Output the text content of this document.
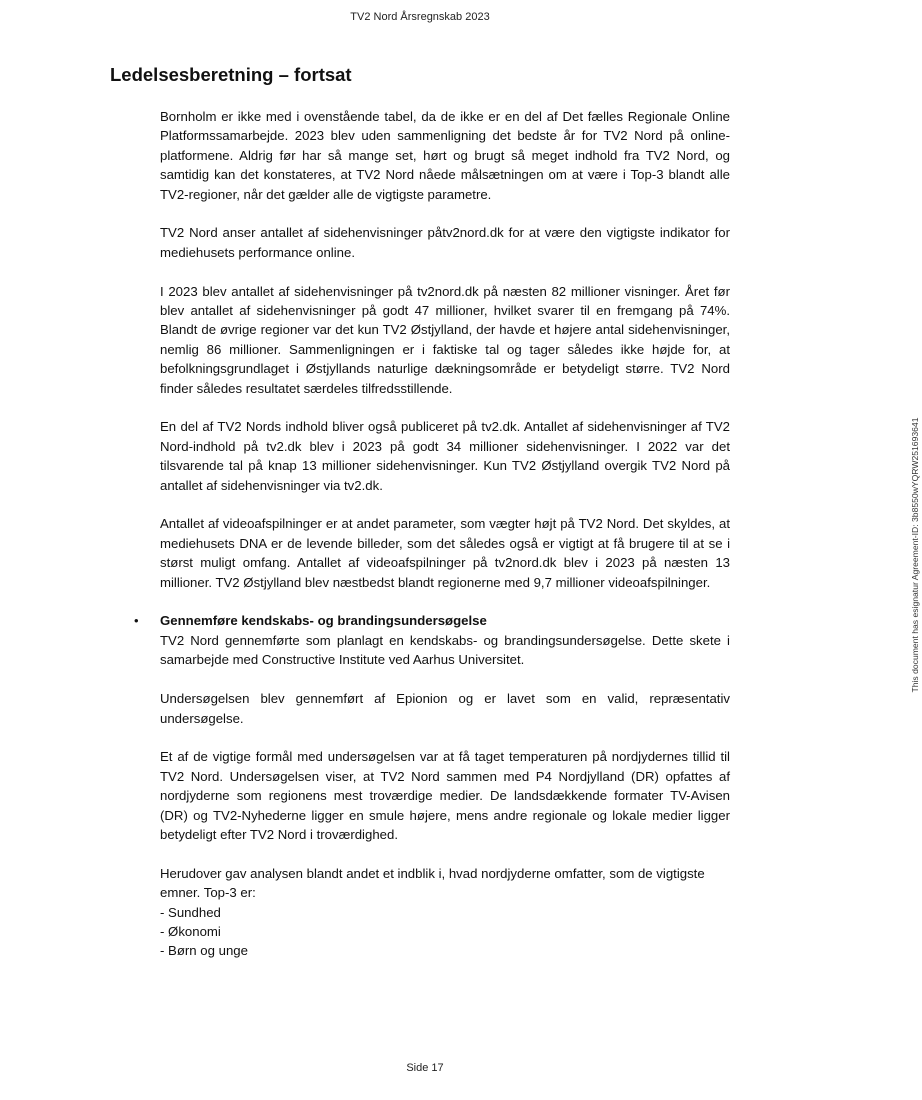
TV2 Nord Årsregnskab 2023
Ledelsesberetning – fortsat

Bornholm er ikke med i ovenstående tabel, da de ikke er en del af Det fælles Regionale Online Platformssamarbejde. 2023 blev uden sammenligning det bedste år for TV2 Nord på online-platformene. Aldrig før har så mange set, hørt og brugt så meget indhold fra TV2 Nord, og samtidig kan det konstateres, at TV2 Nord nåede målsætningen om at være i Top-3 blandt alle TV2-regioner, når det gælder alle de vigtigste parametre.

TV2 Nord anser antallet af sidehenvisninger påtv2nord.dk for at være den vigtigste indikator for mediehusets performance online.

I 2023 blev antallet af sidehenvisninger på tv2nord.dk på næsten 82 millioner visninger. Året før blev antallet af sidehenvisninger på godt 47 millioner, hvilket svarer til en fremgang på 74%. Blandt de øvrige regioner var det kun TV2 Østjylland, der havde et højere antal sidehenvisninger, nemlig 86 millioner. Sammenligningen er i faktiske tal og tager således ikke højde for, at befolkningsgrundlaget i Østjyllands naturlige dækningsområde er betydeligt større. TV2 Nord finder således resultatet særdeles tilfredsstillende.

En del af TV2 Nords indhold bliver også publiceret på tv2.dk. Antallet af sidehenvisninger af TV2 Nord-indhold på tv2.dk blev i 2023 på godt 34 millioner sidehenvisninger. I 2022 var det tilsvarende tal på knap 13 millioner sidehenvisninger. Kun TV2 Østjylland overgik TV2 Nord på antallet af sidehenvisninger via tv2.dk.

Antallet af videoafspilninger er at andet parameter, som vægter højt på TV2 Nord. Det skyldes, at mediehusets DNA er de levende billeder, som det således også er vigtigt at få brugere til at se i størst muligt omfang. Antallet af videoafspilninger på tv2nord.dk blev i 2023 på næsten 13 millioner. TV2 Østjylland blev næstbedst blandt regionerne med 9,7 millioner videoafspilninger.

• Gennemføre kendskabs- og brandingsundersøgelse

TV2 Nord gennemførte som planlagt en kendskabs- og brandingsundersøgelse. Dette skete i samarbejde med Constructive Institute ved Aarhus Universitet.

Undersøgelsen blev gennemført af Epionion og er lavet som en valid, repræsentativ undersøgelse.

Et af de vigtige formål med undersøgelsen var at få taget temperaturen på nordjydernes tillid til TV2 Nord. Undersøgelsen viser, at TV2 Nord sammen med P4 Nordjylland (DR) opfattes af nordjyderne som regionens mest troværdige medier. De landsdækkende formater TV-Avisen (DR) og TV2-Nyhederne ligger en smule højere, mens andre regionale og lokale medier ligger betydeligt efter TV2 Nord i troværdighed.

Herudover gav analysen blandt andet et indblik i, hvad nordjyderne omfatter, som de vigtigste emner. Top-3 er:
- Sundhed
- Økonomi
- Børn og unge
Side 17
This document has esignatur Agreement-ID: 3b8550wYQRW251693641
